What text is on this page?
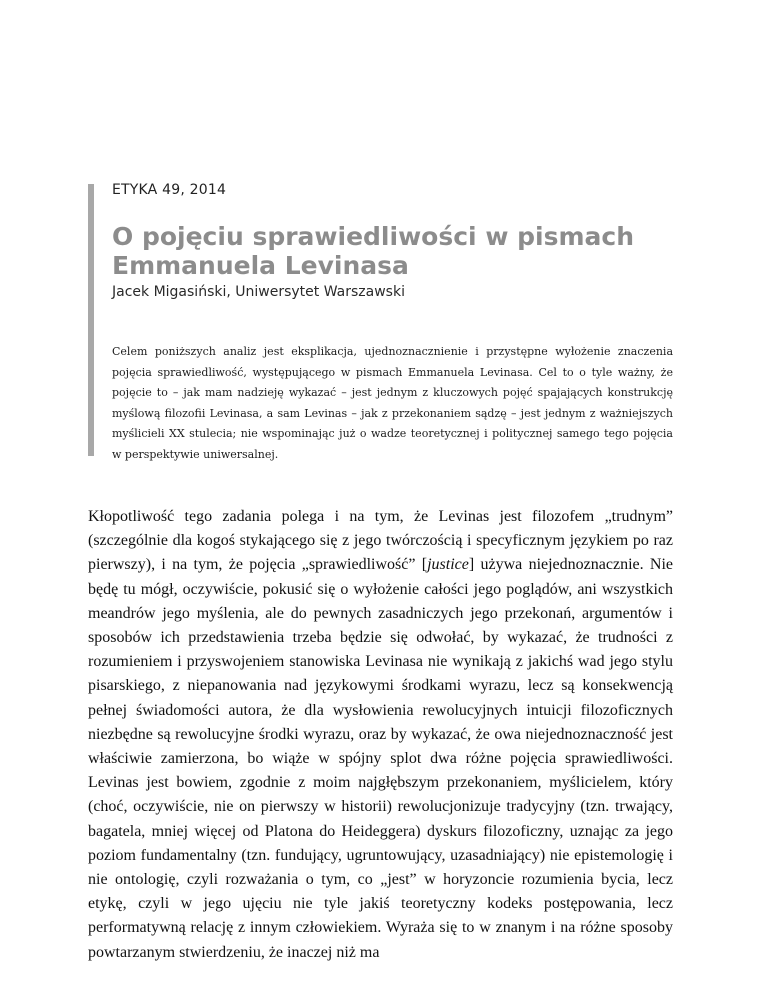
ETYKA 49, 2014
O pojęciu sprawiedliwości w pismach Emmanuela Levinasa
Jacek Migasiński, Uniwersytet Warszawski

Celem poniższych analiz jest eksplikacja, ujednoznacznienie i przystępne wyłożenie znaczenia pojęcia sprawiedliwość, występującego w pismach Emmanuela Levinasa. Cel to o tyle ważny, że pojęcie to – jak mam nadzieję wykazać – jest jednym z kluczowych pojęć spajających konstrukcję myślową filozofii Levinasa, a sam Levinas – jak z przekonaniem sądzę – jest jednym z ważniejszych myślicieli XX stulecia; nie wspominając już o wadze teoretycznej i politycznej samego tego pojęcia w perspektywie uniwersalnej.

Kłopotliwość tego zadania polega i na tym, że Levinas jest filozofem „trudnym” (szczególnie dla kogoś stykającego się z jego twórczością i specyficznym językiem po raz pierwszy), i na tym, że pojęcia „sprawiedliwość” [justice] używa niejednoznacznie. Nie będę tu mógł, oczywiście, pokusić się o wyłożenie całości jego poglądów, ani wszystkich meandrów jego myślenia, ale do pewnych zasadniczych jego przekonań, argumentów i sposobów ich przedstawienia trzeba będzie się odwołać, by wykazać, że trudności z rozumieniem i przyswojeniem stanowiska Levinasa nie wynikają z jakichś wad jego stylu pisarskiego, z niepanowania nad językowymi środkami wyrazu, lecz są konsekwencją pełnej świadomości autora, że dla wysłowienia rewolucyjnych intuicji filozoficznych niezbędne są rewolucyjne środki wyrazu, oraz by wykazać, że owa niejednoznaczność jest właściwie zamierzona, bo wiąże w spójny splot dwa różne pojęcia sprawiedliwości. Levinas jest bowiem, zgodnie z moim najgłębszym przekonaniem, myślicielem, który (choć, oczywiście, nie on pierwszy w historii) rewolucjonizuje tradycyjny (tzn. trwający, bagatela, mniej więcej od Platona do Heideggera) dyskurs filozoficzny, uznając za jego poziom fundamentalny (tzn. fundujący, ugruntowujący, uzasadniający) nie epistemologię i nie ontologię, czyli rozważania o tym, co „jest” w horyzoncie rozumienia bycia, lecz etykę, czyli w jego ujęciu nie tyle jakiś teoretyczny kodeks postępowania, lecz performatywną relację z innym człowiekiem. Wyraża się to w znanym i na różne sposoby powtarzanym stwierdzeniu, że inaczej niż ma
